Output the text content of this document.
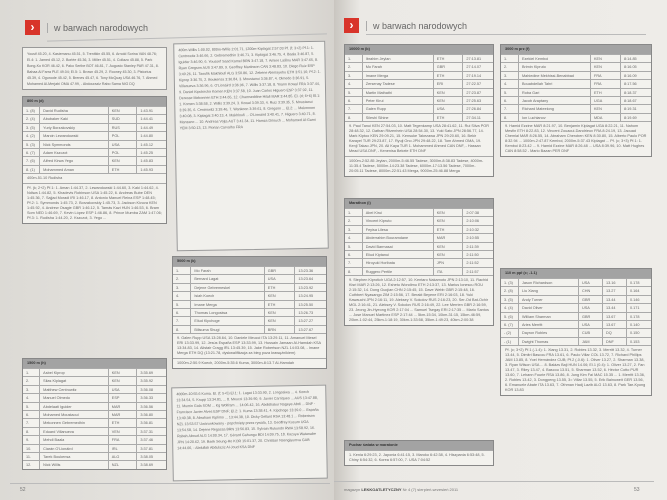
›	w barwach narodowych
Yousif 45.20, 4. Kasiemanu 45.51, 5. Trenitkin 45.55, 6. Arnold Sorina VAN 48.76; El.4: 1. Jamed 45.12, 2. Borlée 45.36, 3. Miller 45.51, 4. Collazo 45.88, 5. Park Bong-Ko KOR 46.42, 6. Pako Seribe BOT 46.81, 7. Augusto Stanley PAR 47.31, 8. Bahaa Al Farra PLE 49.04; El.5: 1. Brown 45.29, 2. Rooney 45.30, 3. Pistorius 45.39, 4. Ogunode 45.42, 5. Brenes 45.47, 6. Tony McQuay USA 46.76, 7. Ahmed Mohamed Al-Merjabi OMA 47.99, - Abdouraziz Rabo Sama NIG DQ
800 m (d)
1. (8)	David Rudisha	KEN	1:43.91
2. (4)	Abubaker Kaki	SUD	1:44.41
3. (5)	Yuriy Borzakovskiy	RUS	1:44.49
4. (2)	Marcin Lewandowski	POL	1:44.80
5. (3)	Nick Symmonds	USA	1:45.12
6. (7)	Adam Kszczot	POL	1:45.25
7. (6)	Alfred Kirwa Yego	KEN	1:45.83
8. (1)	Mohammed Aman	ETH	1:45.93
400m-51.10 Rudisha
Pf. (k; 2+2) Pf.1: 1. Aman 1:44.37, 2. Lewandowski 1:44.60, 3. Kaki 1:44.62, 4. Ndiwa 1:44.82, 5. Khadevis Robinson USA 1:45.22, 6. Andreas Bube DEN 1:45.36, 7. Sajjad Moradi IRI 1:46.17, 8. Antonio Manuel Reina ESP 1:48.45; Pf.2: 1. Symmonds 1:45.73, 2. Borzakovskiy 1:45.73, 3. Jackson Kivuva KEN 1:45.92, 4. Andrew Osagie GBR 1:46.12, 5. Tamás Kazi HUN 1:46.53, 6. Bram Som NED 1:46.69, 7. Kevin López ESP 1:46.86, 8. Prince Mumba ZAM 1:47.06; Pf.3: 1. Rudisha 1:44.20, 2. Kszczot, 3. Yego ...
1500 m (h)
1.	Asbel Kiprop	KEN	3:35.69
2.	Silas Kiplagat	KEN	3:35.92
3.	Matthew Centrowitz	USA	3:36.08
4.	Manuel Olmedo	ESP	3:36.33
5.	Abdelaati Iguider	MAR	3:36.56
6.	Mohamed Moustaoui	MAR	3:36.80
7.	Mekonnen Gebremedhin	ETH	3:36.81
8.	Eduard Villanueva	VEN	3:37.31
9.	Mehdi Baala	FRA	3:37.46
10.	Ciarán O'Lionáird	IRL	3:37.81
11.	Tarek Boukensa	ALG	3:38.05
12.	Nick Willis	NZL	3:38.69
400m-Willis 1:00.02, 800m-Willis 2:01.71, 1200m-Kiplagat 2:57.03 Pf. (f; 3+2) Pf.1: 1. Centrowitz 3:46.66, 2. Gebremedhin 3:46.71, 3. Kiplagat 3:46.75, 4. Baala 3:46.87, 5. Iguider 3:46.90, 6. Youssef Saad Kamel BRN 3:47.18, 7. Amine Laâlou MAR 3:47.65, 8. Ryan Gregson AUS 3:47.89, 9. Geoffrey Martinson CAN 3:48.83, 10. Diego Ruiz ESP 3:49.26, 11. Taoufik Makhloufi ALG 3:50.86, 12. Zebene Alemayehu ETH 3:51.16; Pf.2: 1. Kiprop 3:36.75, 2. Boukensa 3:36.84, 3. Moustaoui 3:36.87, 4. Olmedo 3:36.91, 5. Villanueva 3:36.96, 6. O'Lionáird 3:36.96, 7. Willis 3:37.18, 8. Yoann Kowal FRA 3:37.44, 9. Daniel Kipchirchir Komen KEN 3:37.58, 10. Juan Carlos Higuero ESP 3:37.92, 11. Deresse Mekonnen ETH 3:44.65, 12. Chamseddine Hilali MAR 3:44.85. El. (d; 6+6) El.1: 1. Komen 3:38.58, 2. Willis 3:39.24, 3. Kowal 3:39.33, 4. Ruiz 3:39.35, 5. Moustaoui 3:39.35, 6. Centrowitz 3:39.46, 7. Wankoon 3:39.61, 8. Gregson ... El.2: ... Mekonnen 3:40.08, 3. Kiplagat 3:40.13, 4. Makhloufi ... O'Lionáird 3:40.41, 7. Higuero 3:40.71, 8. Manzano ... 10. Andreas Vojta AUT 3:41.34, 11. Hamza Driouch ... Mohamed Al-Garni YEM 3:50.13, 13. Florian Carvalho FRA
5000 m (k)
1.	Mo Farah	GBR	13:23.36
2.	Bernard Lagat	USA	13:23.64
3.	Dejene Gebremeskel	ETH	13:23.92
4.	Isiah Koech	KEN	13:24.95
5.	Imane Merga	ETH	13:25.50
6.	Thomas Longosiwa	KEN	13:26.73
7.	Eliud Kipchoge	KEN	13:27.27
8.	Bilisuma Shugi	BRN	13:27.67
9. Galen Rupp USA 13:28.64, 10. Daniele Meucci ITA 13:29.11, 11. Amanuel Mesel ERI 13:33.99, 12. Jesús España ESP 13:33.99, 13. Hussain Jamaan Al-Hamdah KSA 13:34.83, 14. Alistair Cragg IRL 13:45.39, 15. Jake Robertson NZL 14:03.08, - Imane Merga ETH DQ (13:21.78, dyskwalifikacja za bieg poza krawężnikiem)
1000m-2:50.9 Koech, 2000m-5:35.6 Kuma, 3000m-8:13.7 Al-Hamdah
4000m-10:55.6 Kuma. El. (f; 5+5) El.1: 1. Lagat 13:33.90, 2. Longosiwa ... 4. Koech 13:34.54, 5. Krupp 13:34.81, ... 8. Meucci 13:39.90, 9. Javier Carriqueo ... AUS 13:47.88, 11. Mumin Gala SOM ... Kg Wolfram ... 14:06.42, 16. Abdishakur Nageye Abdi ... DNF - Francisco Javier Alves ESP DNF; El.2: 1. Kuma 13:38.41, 4. Kipchoge 13:39.0 ... España 13:40.38, 8. Abraham Kiplimo ... 13:44.38, 10. Dicky Gellant RSA 13:48.1 ... Robertson NZL 13:53.57 Uwarunkowany - popchnięty przez rywala, 13. Geoffrey Kusuro UGA 13:54.58, 14. Dejene Regassa BRN 13:56.83, 15. Sylvain Rukundo RWA 13:58.92, 16. Rabah Aboud ALG 14:00.34, 17. Gérard Gahungu BDI 14:09.75, 18. Kazuya Watanabe JPN 14:20.62, 19. Baek Seung-Ho KOR 15:01.37, 20. Christian Nsengiyumva GAB 14:44.06, - Abdullah Abdulaziz Al-Joud KSA DNF
52
›	w barwach narodowych
10000 m (b)
1.	Ibrahim Jeylan	ETH	27:13.81
2.	Mo Farah	GBR	27:14.07
3.	Imane Merga	ETH	27:19.14
4.	Zersenay Tadese	ERI	27:22.57
5.	Martin Mathathi	KEN	27:23.87
6.	Peter Kirui	KEN	27:25.63
7.	Galen Rupp	USA	27:26.84
8.	Sileshi Sihine	ETH	27:34.11
9. Paul Tanui KEN 27:54.03, 10. Matt Tegenkamp USA 28:41.62, 11. Rui Silva POR 28:48.32, 12. Dathan Ritzenhein USA 28:54.30, 13. Yuki Sato JPN 28:56.77, 14. Mark Kiptoo KEN 29:09.21, 15. Kensuke Takezawa JPN 29:20.60, 16. Bekir Karayel TUR 29:23.87, 17. Ryuji Ono JPN 29:48.22, 18. Tom Ahmed OMA, 19. Kenji Takao JPN, 20. Ali Kaya TUR 1. Mohammed Ahmed CAN DNF, - Hassan Mead USA DNF, - Kenenisa Bekele ETH DNF
1000m-2:52.85 Jeylan, 2000m-5:46.55 Tadese, 3000m-8:38.83 Tadese, 4000m-11:35.4 Tadese, 5000m-14:23.38 Tadese, 6000m-17:13.56 Tadese, 7000m-20:05.11 Tadese, 8000m-22:51.43 Merga, 9000m-25:46.88 Merga
Marathon (i)
1.	Abel Kirui	KEN	2:07:38
2.	Vincent Kipruto	KEN	2:10:06
3.	Feyisa Lilesa	ETH	2:10:32
4.	Abderrahim Bouramdane	MAR	2:10:55
5.	David Barmasai	KEN	2:11:39
6.	Eliud Kiptanui	KEN	2:11:50
7.	Hiroyuki Horibata	JPN	2:11:52
8.	Ruggero Pertile	ITA	2:11:57
9. Stephen Kiprotich UGA 2:12:57, 10. Kentaro Nakamoto JPN 2:13:10, 11. Rachid Kisri MAR 2:13:26, 12. Eshetu Wondimu ETH 2:13:37, 13. Marius Ionescu ROU 2:15:32, 14. Dong Guojian CHN 2:15:45, 15. Dave Webb GBR 2:15:48, 16. Cuthbert Nyasango ZIM 2:15:56, 17. Berakt Beyene ERI 2:16:03, 18. Yuki Kawauchi JPN 2:16:11, 19. Aleksey V. Sokolov RUS 2:16:23, 20. Ser-Od Bat-Ochir MGL 2:16:41, 21. Aleksey V. Sokolov RUS 2:16:49, 22. Lee Merrien GBR 2:16:59, 23. Jeong Jin-Hyeong KOR 2:17:04 ... Samuel Tsegay ERI 2:17:35 ... Mario Santos ... Jose Manuel Martinez ESP 2:17:44 ... 5km-15:34, 10km-31:15, 15km-46:59, 20km-1:02:44, 25km-1:18:19, 30km-1:33:58, 35km-1:49:23, 40km-2:00:38
Puchar świata w maratonie
1. Kenia 6:29:23, 2. Japonia 6:41:15, 3. Maroko 6:42:38, 4. Hiszpania 6:53:48, 5. Chiny 6:54:32, 6. Korea 6:57:00, 7. USA 7:04:52
3000 m prz (f)
1.	Ezekiel Kemboi	KEN	8:14.85
2.	Brimin Kipruto	KEN	8:16.05
3.	Mahiedine Mekhissi-Benabbad	FRA	8:16.09
4.	Bouabdellah Tahri	FRA	8:17.56
5.	Roba Gari	ETH	8:18.37
6.	Jacob Araptany	UGA	8:18.67
7.	Richard Mateelong	KEN	8:19.31
8.	Ion Luchianov	MDA	8:19.69
9. Hamid Ezzine MAR 8:21.97, 10. Benjamin Kiplagat UGA 8:22.21, 11. Nahom Mesfin ETH 8:22.83, 12. Vincent Zouaoui-Dandrieux FRA 8:24.19, 13. Jaouad Chemlal MAR 8:26.55, 14. Abraham Cheroben KEN 8:30.80, 15. Alberto Paulo POR 8:32.94 ... 1000m-2:47.87 Kemboi, 2000m-5:37.43 Kiplagat ... Pf. (c; 3+3) Pf.1: 1. Kemboi 8:23.42 ... 9. Hamid Ezzine MAR 8:26.48 ... USA 8:39.96, 10. Matt Hughes CAN 8:58.52 - Mario Bazan PER DNF
110 m ppł (c; -1.1)
1. (3)	Jason Richardson	USA	13.16	0.178
2. (8)	Liu Xiang	CHN	13.27	0.164
3. (5)	Andy Turner	GBR	13.44	0.146
4. (4)	David Oliver	USA	13.44	0.171
5. (6)	William Sharman	GBR	13.67	0.178
6. (7)	Aries Merritt	USA	13.67	0.140
- (2)	Dayron Robles	CUB	DQ	0.150
- (1)	Dwight Thomas	JAM	DNF	0.153
Pf. (c; 3+2) Pf.1 (-1.4): 1. Xiang 13.31, 2. Robles 13.32, 3. Merritt 13.32, 4. Turner 13.44, 5. Dimitri Bascou FRA 13.61, 6. Paulo Villar COL 13.72, 7. Richard Phillips JAM 13.85, 8. Yoel Hernández CUB; Pf.2 (-0.6): 1. Oliver 13.27, 2. Sharman 13.38, 3. Ryan Wilson USA ... 8. Balázs Baji HUN 14.06; El.1 (0.4): 1. Oliver 13.27, 2. Fan 13.47, 3. Riley 13.47, 4. Bascou 13.51, 5. Sharman 13.52, 6. Héctor Cotto PUR 13.60, 7. Lehann Fourie RSA 13.86, 8. Jung Kim Fai MAC 15.35 ... 1. Merritt 13.36, 2. Robles 13.42, 3. Dongpeng 13.55, 3= Villar 13.55, 5. Erik Balnuweit GER 13.56, 6. Emanuele Abate ITA 13.63, 7. Othman Hadj Lazib ALG 13.63, 8. Park Tae-Kyong KOR 13.83
magazyn LEKKOATLETYCZNY Nr 4 (7) sierpień-wrzesień 2011	53
